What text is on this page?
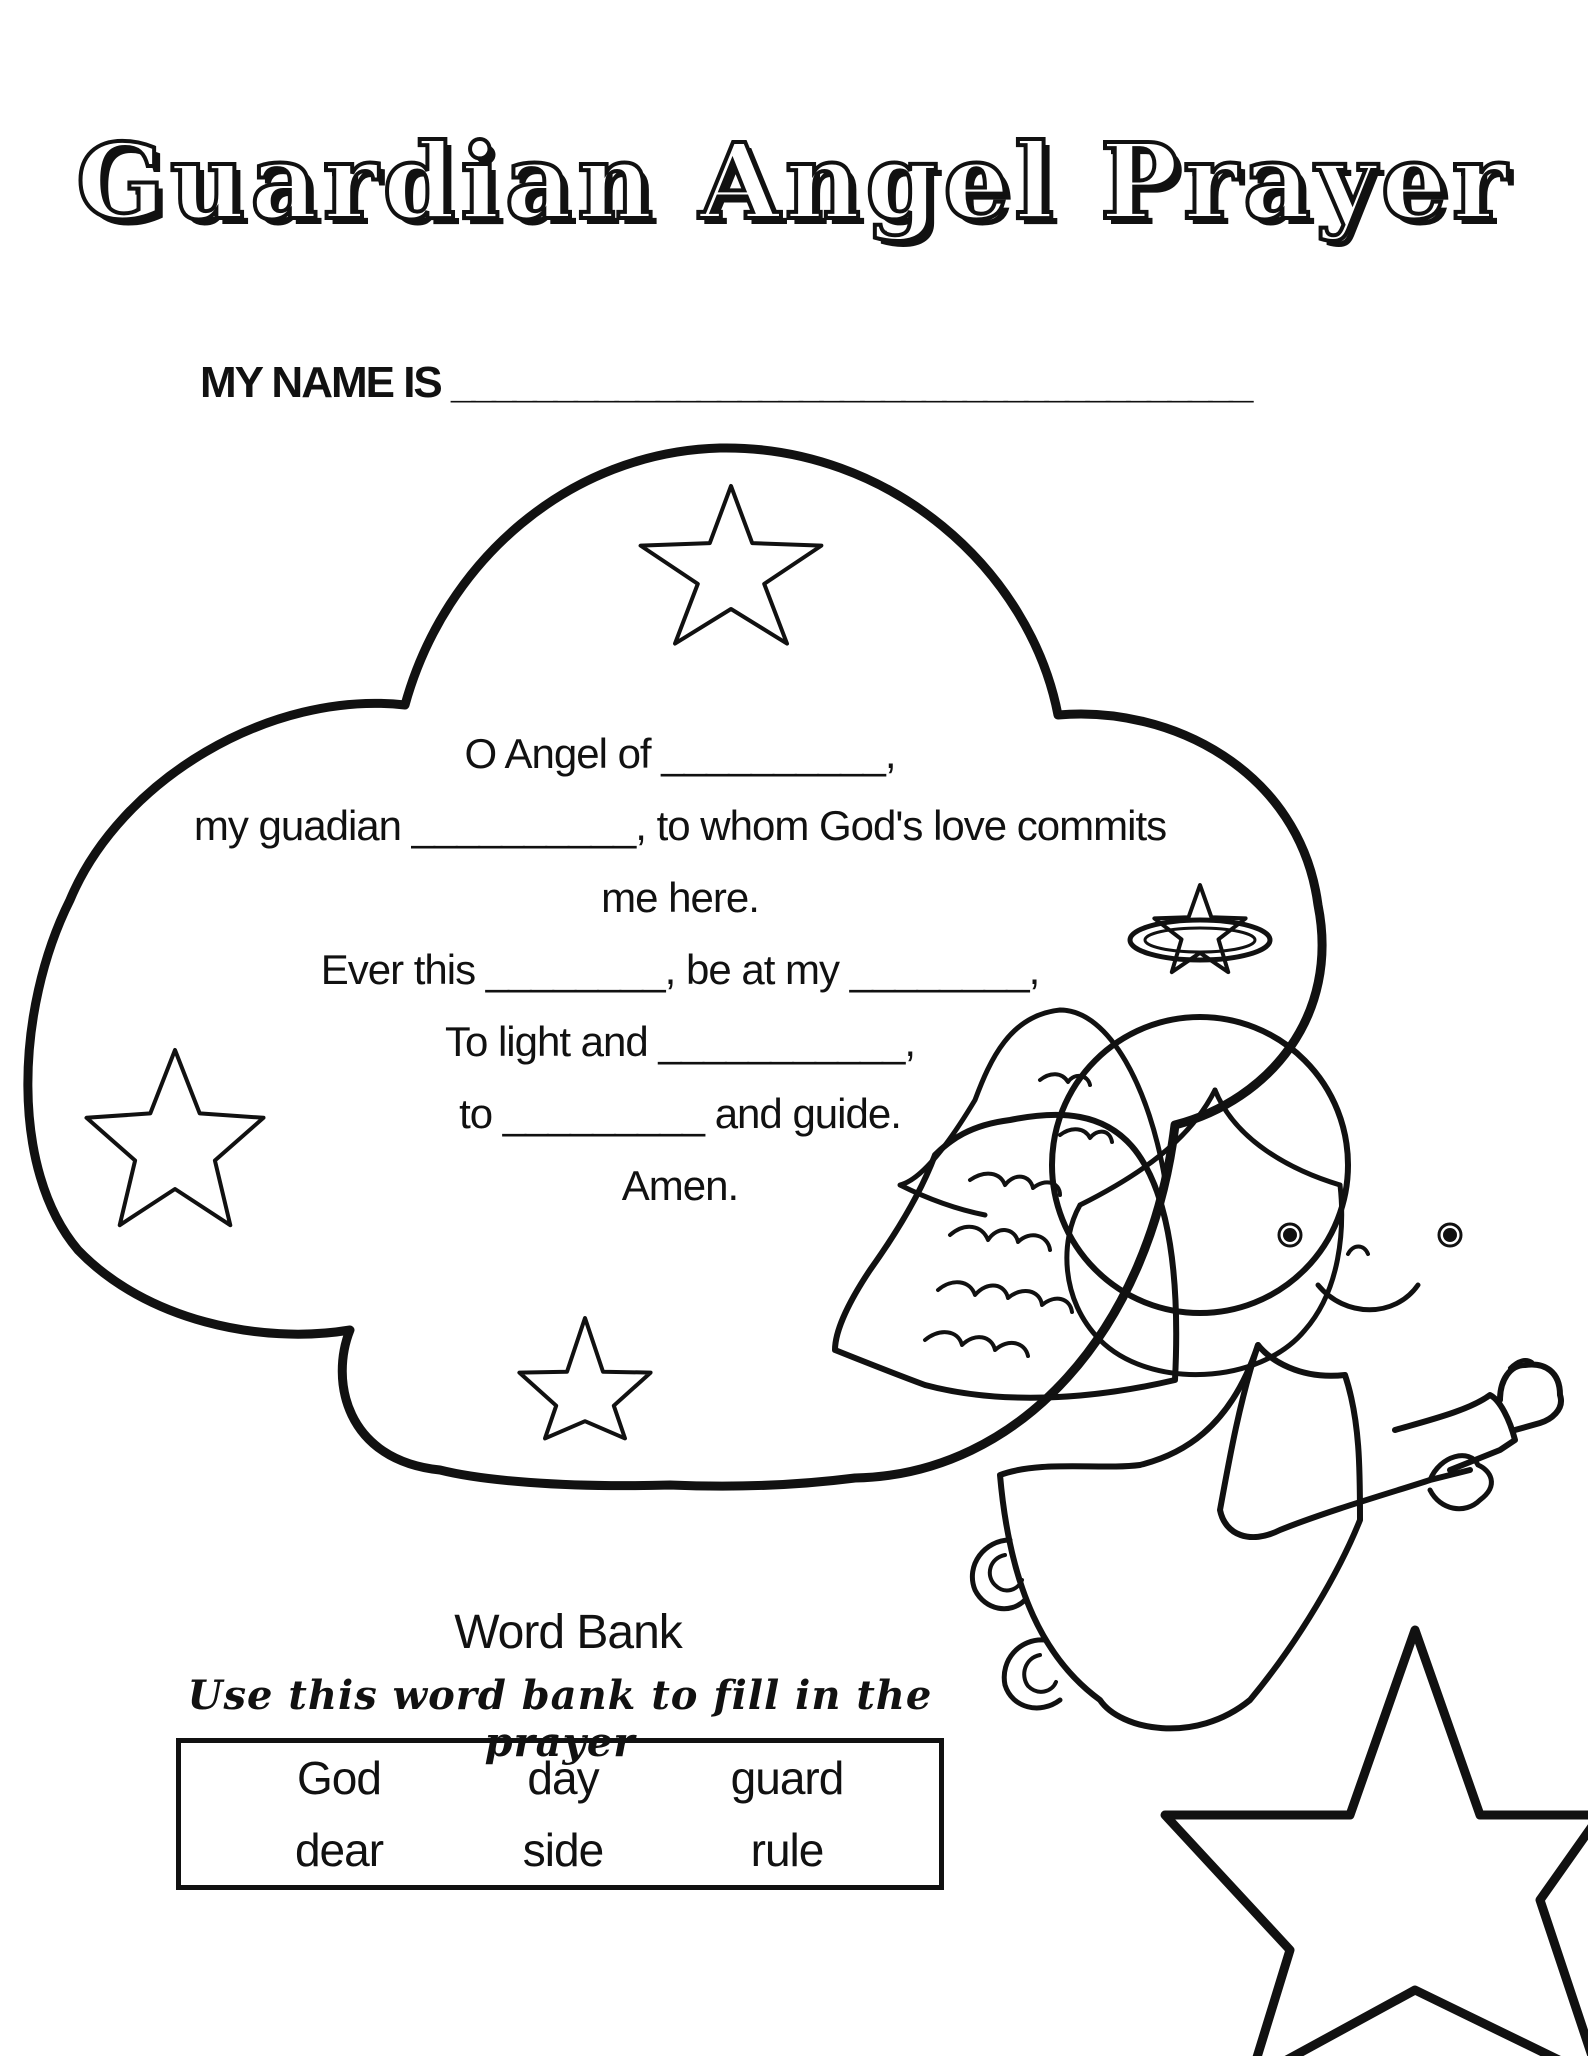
Guardian Angel Prayer
MY NAME IS _______________________________________
O Angel of __________,
my guadian __________, to whom God's love commits
me here.
Ever this ________, be at my ________,
To light and ___________,
to _________ and guide.
Amen.
Word Bank
Use this word bank to fill in the prayer
God	day	guard
dear	side	rule
